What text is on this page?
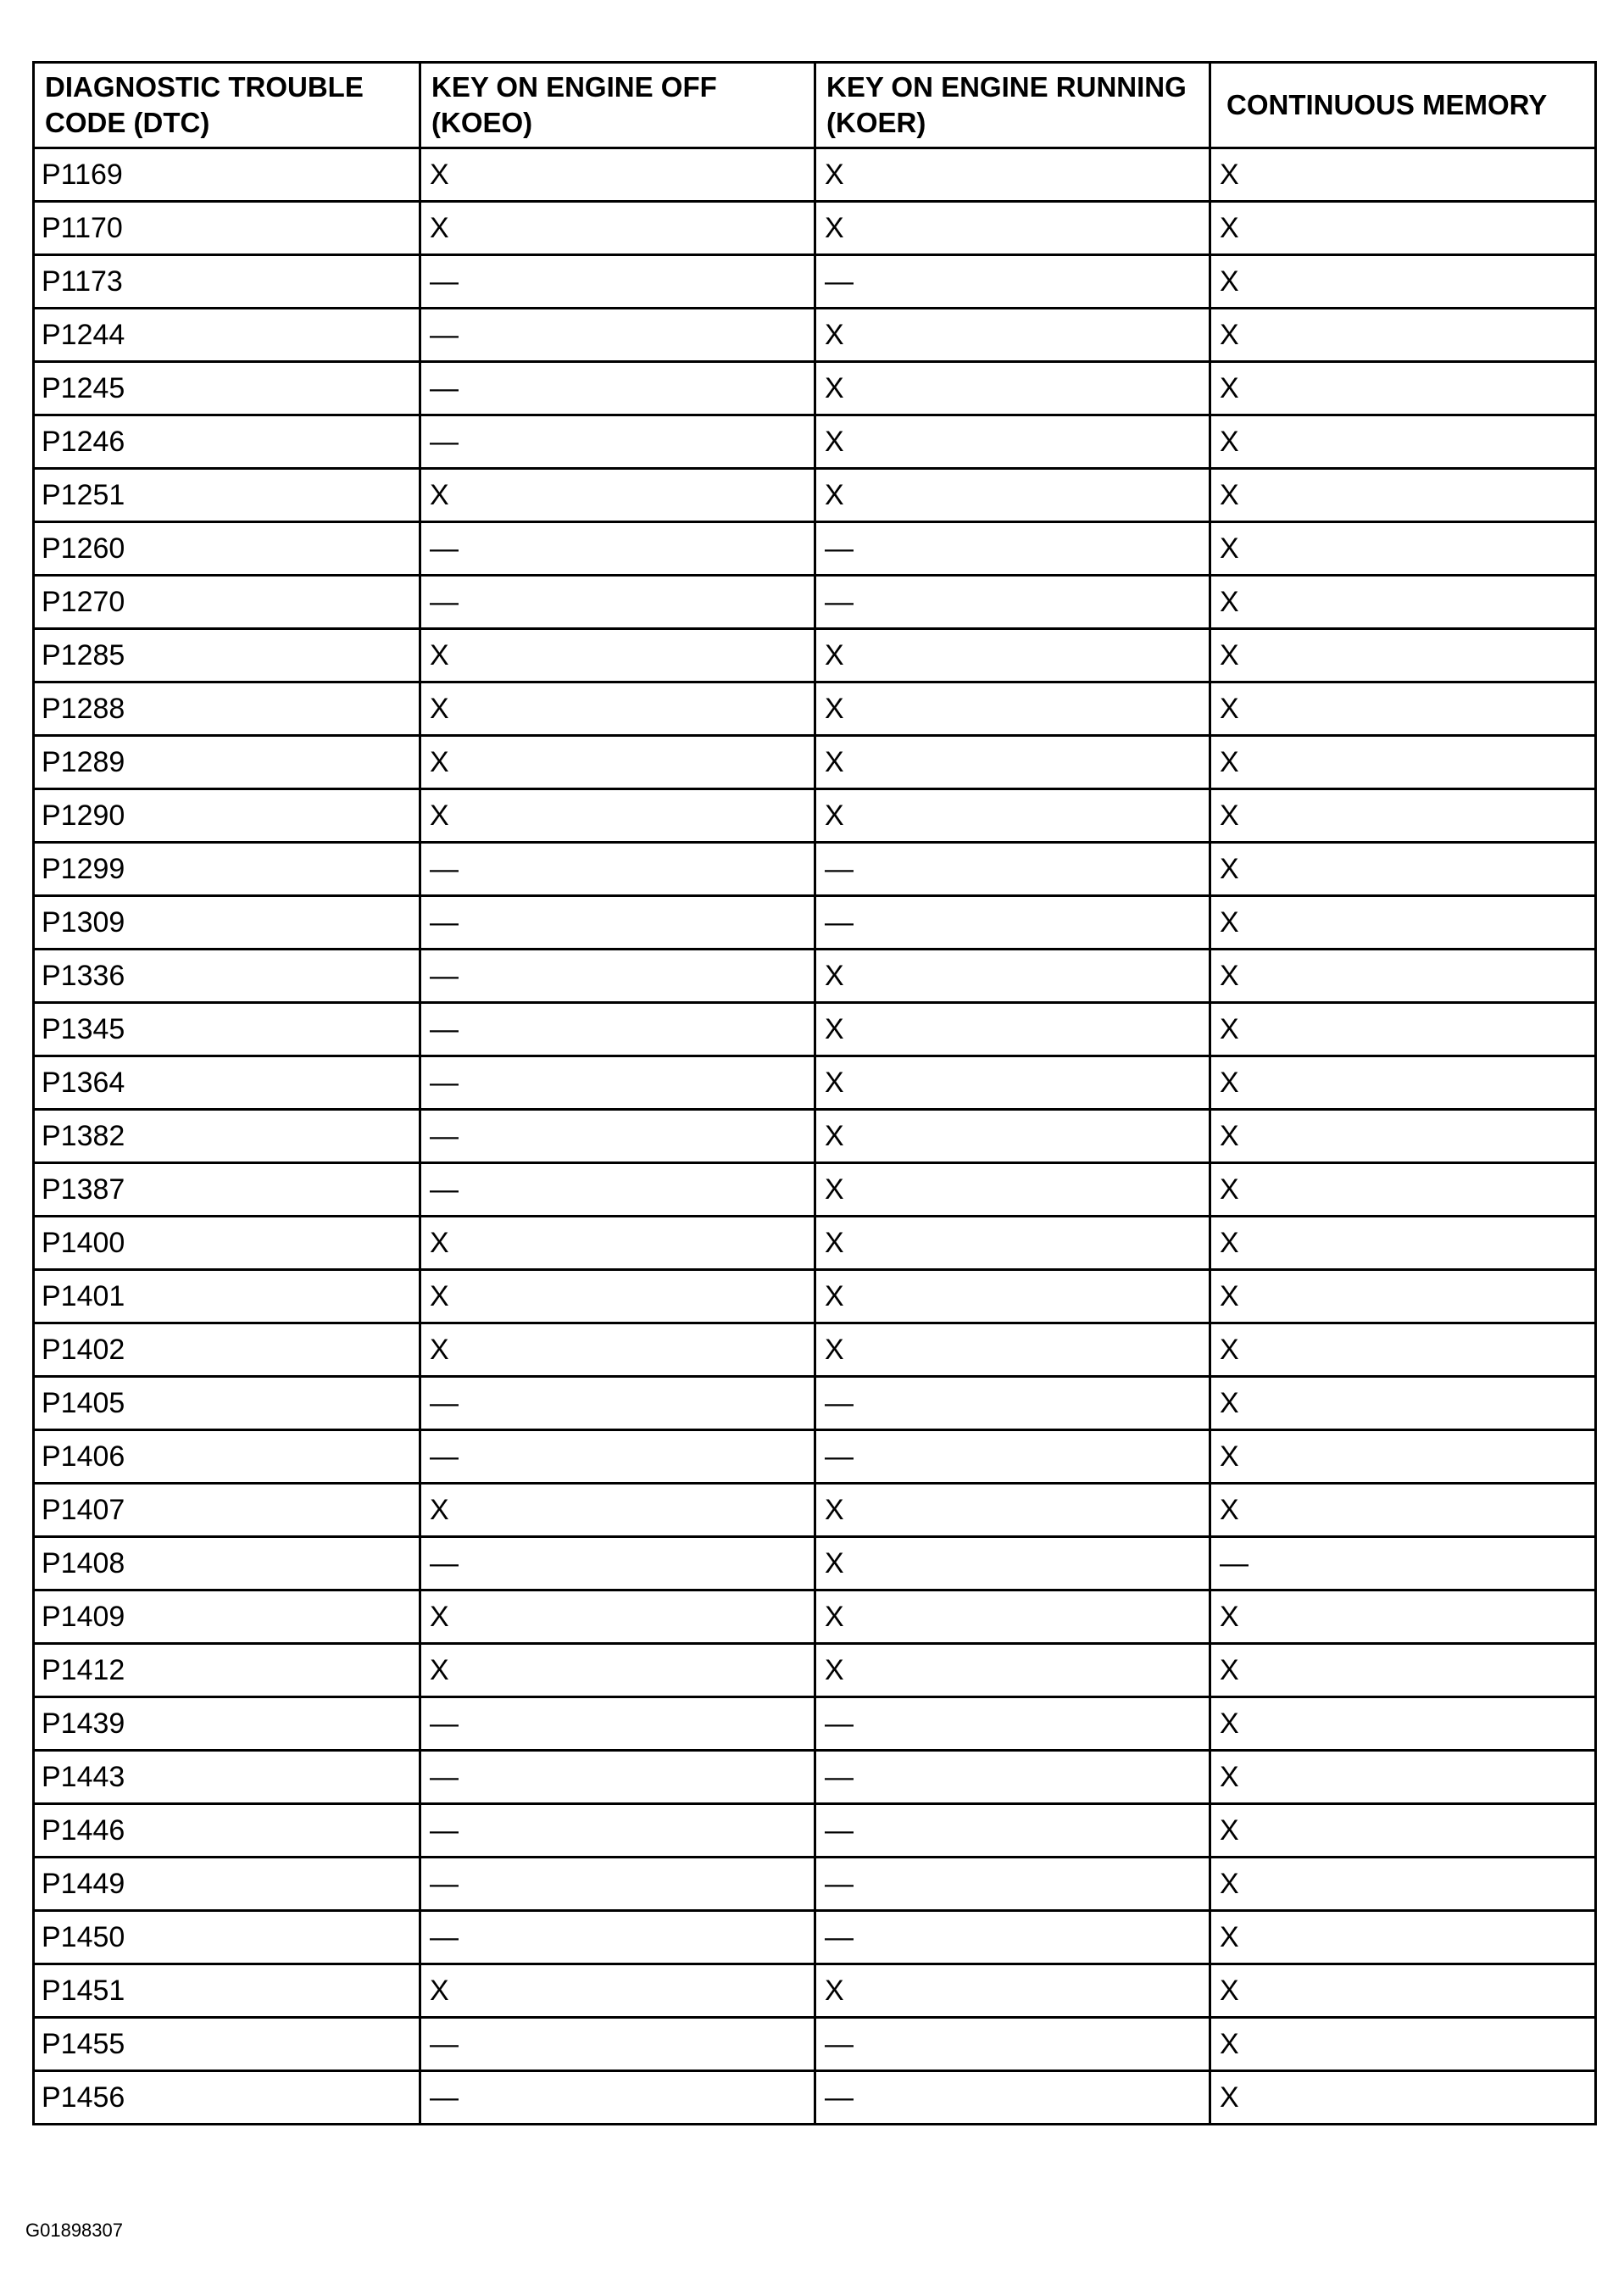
DIAGNOSTIC TROUBLE CODE (DTC)	KEY ON ENGINE OFF (KOEO)	KEY ON ENGINE RUNNING (KOER)	CONTINUOUS MEMORY
P1169	X	X	X
P1170	X	X	X
P1173	—	—	X
P1244	—	X	X
P1245	—	X	X
P1246	—	X	X
P1251	X	X	X
P1260	—	—	X
P1270	—	—	X
P1285	X	X	X
P1288	X	X	X
P1289	X	X	X
P1290	X	X	X
P1299	—	—	X
P1309	—	—	X
P1336	—	X	X
P1345	—	X	X
P1364	—	X	X
P1382	—	X	X
P1387	—	X	X
P1400	X	X	X
P1401	X	X	X
P1402	X	X	X
P1405	—	—	X
P1406	—	—	X
P1407	X	X	X
P1408	—	X	—
P1409	X	X	X
P1412	X	X	X
P1439	—	—	X
P1443	—	—	X
P1446	—	—	X
P1449	—	—	X
P1450	—	—	X
P1451	X	X	X
P1455	—	—	X
P1456	—	—	X
G01898307
